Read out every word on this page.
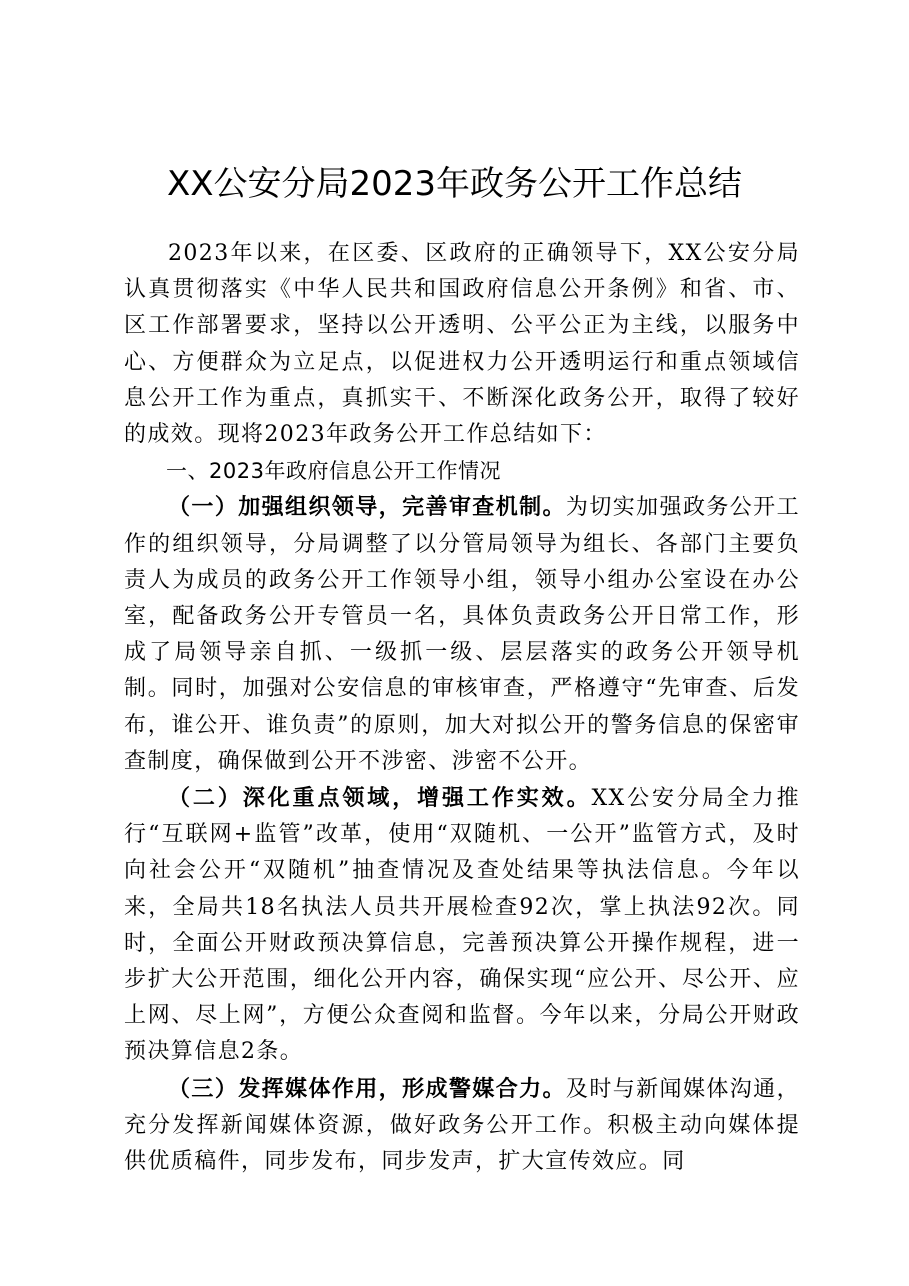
XX公安分局2023年政务公开工作总结

2023年以来，在区委、区政府的正确领导下，XX公安分局认真贯彻落实《中华人民共和国政府信息公开条例》和省、市、区工作部署要求，坚持以公开透明、公平公正为主线，以服务中心、方便群众为立足点，以促进权力公开透明运行和重点领域信息公开工作为重点，真抓实干、不断深化政务公开，取得了较好的成效。现将2023年政务公开工作总结如下：

一、2023年政府信息公开工作情况

（一）加强组织领导，完善审查机制。为切实加强政务公开工作的组织领导，分局调整了以分管局领导为组长、各部门主要负责人为成员的政务公开工作领导小组，领导小组办公室设在办公室，配备政务公开专管员一名，具体负责政务公开日常工作，形成了局领导亲自抓、一级抓一级、层层落实的政务公开领导机制。同时，加强对公安信息的审核审查，严格遵守“先审查、后发布，谁公开、谁负责”的原则，加大对拟公开的警务信息的保密审查制度，确保做到公开不涉密、涉密不公开。

（二）深化重点领域，增强工作实效。XX公安分局全力推行“互联网+监管”改革，使用“双随机、一公开”监管方式，及时向社会公开“双随机”抽查情况及查处结果等执法信息。今年以来，全局共18名执法人员共开展检查92次，掌上执法92次。同时，全面公开财政预决算信息，完善预决算公开操作规程，进一步扩大公开范围，细化公开内容，确保实现“应公开、尽公开、应上网、尽上网”，方便公众查阅和监督。今年以来，分局公开财政预决算信息2条。

（三）发挥媒体作用，形成警媒合力。及时与新闻媒体沟通，充分发挥新闻媒体资源，做好政务公开工作。积极主动向媒体提供优质稿件，同步发布，同步发声，扩大宣传效应。同
